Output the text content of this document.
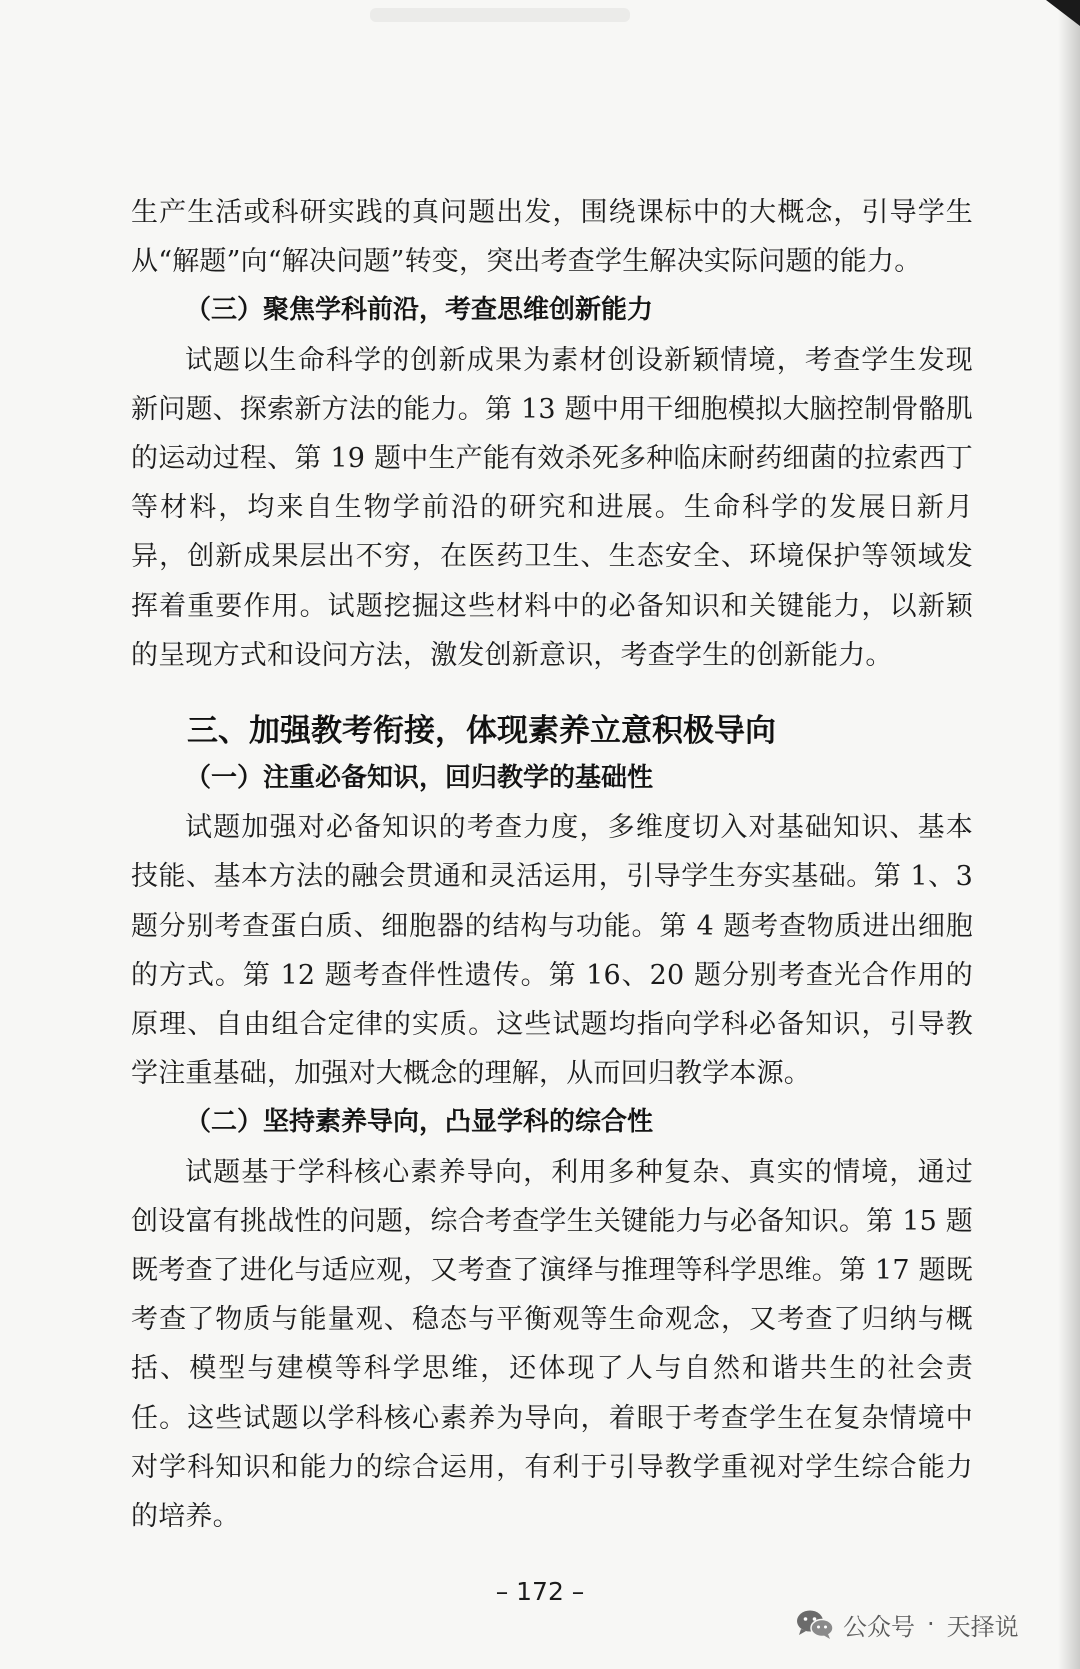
生产生活或科研实践的真问题出发，围绕课标中的大概念，引导学生从“解题”向“解决问题”转变，突出考查学生解决实际问题的能力。

（三）聚焦学科前沿，考查思维创新能力

试题以生命科学的创新成果为素材创设新颖情境，考查学生发现新问题、探索新方法的能力。第 13 题中用干细胞模拟大脑控制骨骼肌的运动过程、第 19 题中生产能有效杀死多种临床耐药细菌的拉索西丁等材料，均来自生物学前沿的研究和进展。生命科学的发展日新月异，创新成果层出不穷，在医药卫生、生态安全、环境保护等领域发挥着重要作用。试题挖掘这些材料中的必备知识和关键能力，以新颖的呈现方式和设问方法，激发创新意识，考查学生的创新能力。

三、加强教考衔接，体现素养立意积极导向

（一）注重必备知识，回归教学的基础性

试题加强对必备知识的考查力度，多维度切入对基础知识、基本技能、基本方法的融会贯通和灵活运用，引导学生夯实基础。第 1、3 题分别考查蛋白质、细胞器的结构与功能。第 4 题考查物质进出细胞的方式。第 12 题考查伴性遗传。第 16、20 题分别考查光合作用的原理、自由组合定律的实质。这些试题均指向学科必备知识，引导教学注重基础，加强对大概念的理解，从而回归教学本源。

（二）坚持素养导向，凸显学科的综合性

试题基于学科核心素养导向，利用多种复杂、真实的情境，通过创设富有挑战性的问题，综合考查学生关键能力与必备知识。第 15 题既考查了进化与适应观，又考查了演绎与推理等科学思维。第 17 题既考查了物质与能量观、稳态与平衡观等生命观念，又考查了归纳与概括、模型与建模等科学思维，还体现了人与自然和谐共生的社会责任。这些试题以学科核心素养为导向，着眼于考查学生在复杂情境中对学科知识和能力的综合运用，有利于引导教学重视对学生综合能力的培养。

– 172 –
公众号 · 天择说
